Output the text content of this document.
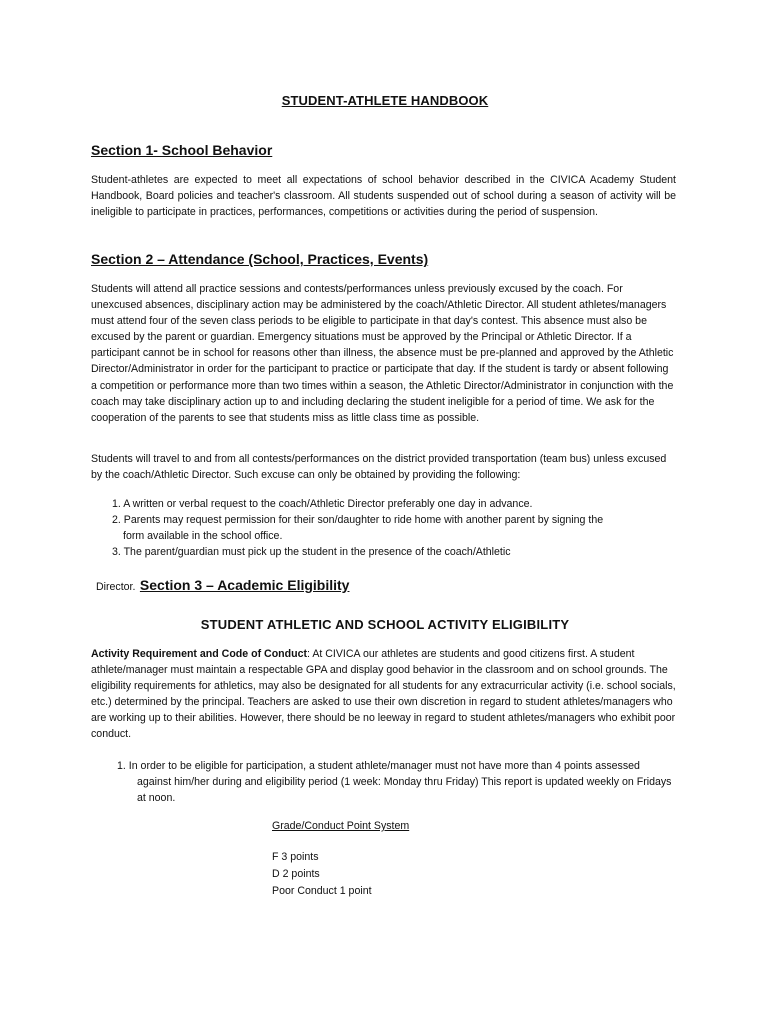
STUDENT-ATHLETE HANDBOOK
Section 1- School Behavior
Student-athletes are expected to meet all expectations of school behavior described in the CIVICA Academy Student Handbook, Board policies and teacher's classroom. All students suspended out of school during a season of activity will be ineligible to participate in practices, performances, competitions or activities during the period of suspension.
Section 2 – Attendance (School, Practices, Events)
Students will attend all practice sessions and contests/performances unless previously excused by the coach. For unexcused absences, disciplinary action may be administered by the coach/Athletic Director. All student athletes/managers must attend four of the seven class periods to be eligible to participate in that day's contest. This absence must also be excused by the parent or guardian. Emergency situations must be approved by the Principal or Athletic Director. If a participant cannot be in school for reasons other than illness, the absence must be pre-planned and approved by the Athletic Director/Administrator in order for the participant to practice or participate that day. If the student is tardy or absent following a competition or performance more than two times within a season, the Athletic Director/Administrator in conjunction with the coach may take disciplinary action up to and including declaring the student ineligible for a period of time. We ask for the cooperation of the parents to see that students miss as little class time as possible.
Students will travel to and from all contests/performances on the district provided transportation (team bus) unless excused by the coach/Athletic Director. Such excuse can only be obtained by providing the following:
1. A written or verbal request to the coach/Athletic Director preferably one day in advance.
2. Parents may request permission for their son/daughter to ride home with another parent by signing the
form available in the school office.
3. The parent/guardian must pick up the student in the presence of the coach/Athletic
Director. Section 3 – Academic Eligibility
STUDENT ATHLETIC AND SCHOOL ACTIVITY ELIGIBILITY
Activity Requirement and Code of Conduct: At CIVICA our athletes are students and good citizens first. A student athlete/manager must maintain a respectable GPA and display good behavior in the classroom and on school grounds. The eligibility requirements for athletics, may also be designated for all students for any extracurricular activity (i.e. school socials, etc.) determined by the principal. Teachers are asked to use their own discretion in regard to student athletes/managers who are working up to their abilities. However, there should be no leeway in regard to student athletes/managers who exhibit poor conduct.
1. In order to be eligible for participation, a student athlete/manager must not have more than 4 points assessed
against him/her during and eligibility period (1 week: Monday thru Friday) This report is updated weekly on Fridays at noon.
Grade/Conduct Point System
F 3 points
D 2 points
Poor Conduct 1 point
